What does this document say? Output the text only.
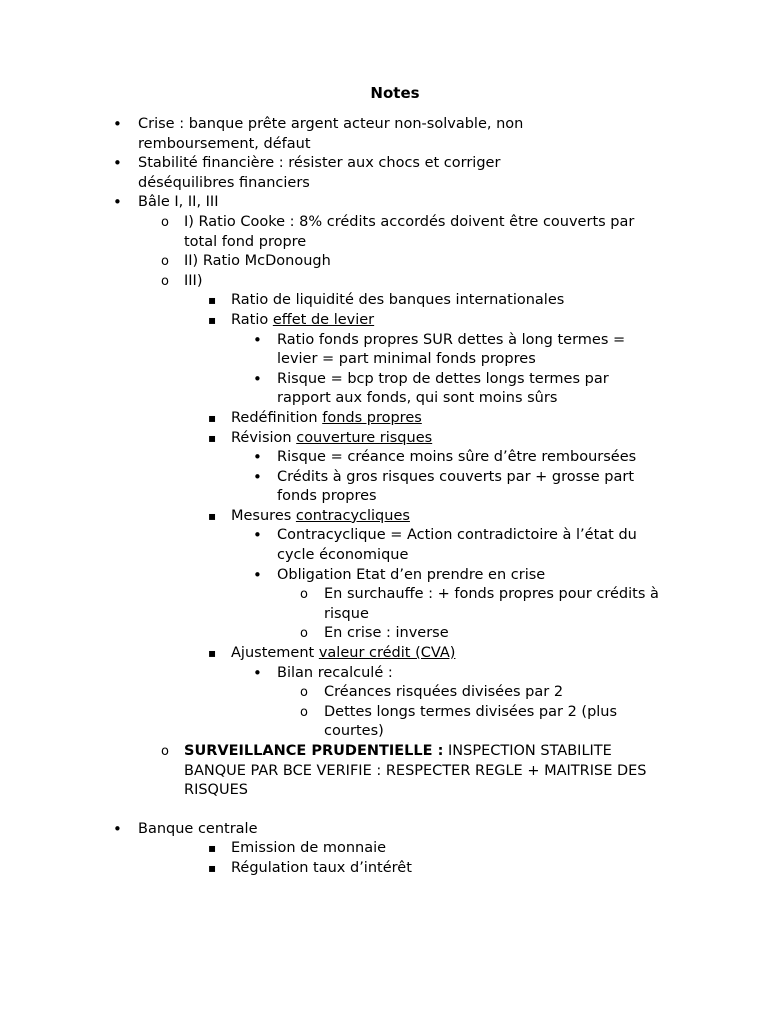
Notes
•
Crise : banque prête argent acteur non-solvable, non remboursement, défaut
•
Stabilité financière : résister aux chocs et corriger déséquilibres financiers
•
Bâle I, II, III
o
I) Ratio Cooke : 8% crédits accordés doivent être couverts par total fond propre
o
II) Ratio McDonough
o
III)
▪
Ratio de liquidité des banques internationales
▪
Ratio effet de levier
•
Ratio fonds propres SUR dettes à long termes = levier = part minimal fonds propres
•
Risque = bcp trop de dettes longs termes par rapport aux fonds, qui sont moins sûrs
▪
Redéfinition fonds propres
▪
Révision couverture risques
•
Risque = créance moins sûre d’être remboursées
•
Crédits à gros risques couverts par + grosse part fonds propres
▪
Mesures contracycliques
•
Contracyclique = Action contradictoire à l’état du cycle économique
•
Obligation Etat d’en prendre en crise
o
En surchauffe : + fonds propres pour crédits à risque
o
En crise : inverse
▪
Ajustement valeur crédit (CVA)
•
Bilan recalculé :
o
Créances risquées divisées par 2
o
Dettes longs termes divisées par 2 (plus courtes)
o
SURVEILLANCE PRUDENTIELLE : INSPECTION STABILITE BANQUE PAR BCE VERIFIE : RESPECTER REGLE + MAITRISE DES RISQUES
•
Banque centrale
▪
Emission de monnaie
▪
Régulation taux d’intérêt
